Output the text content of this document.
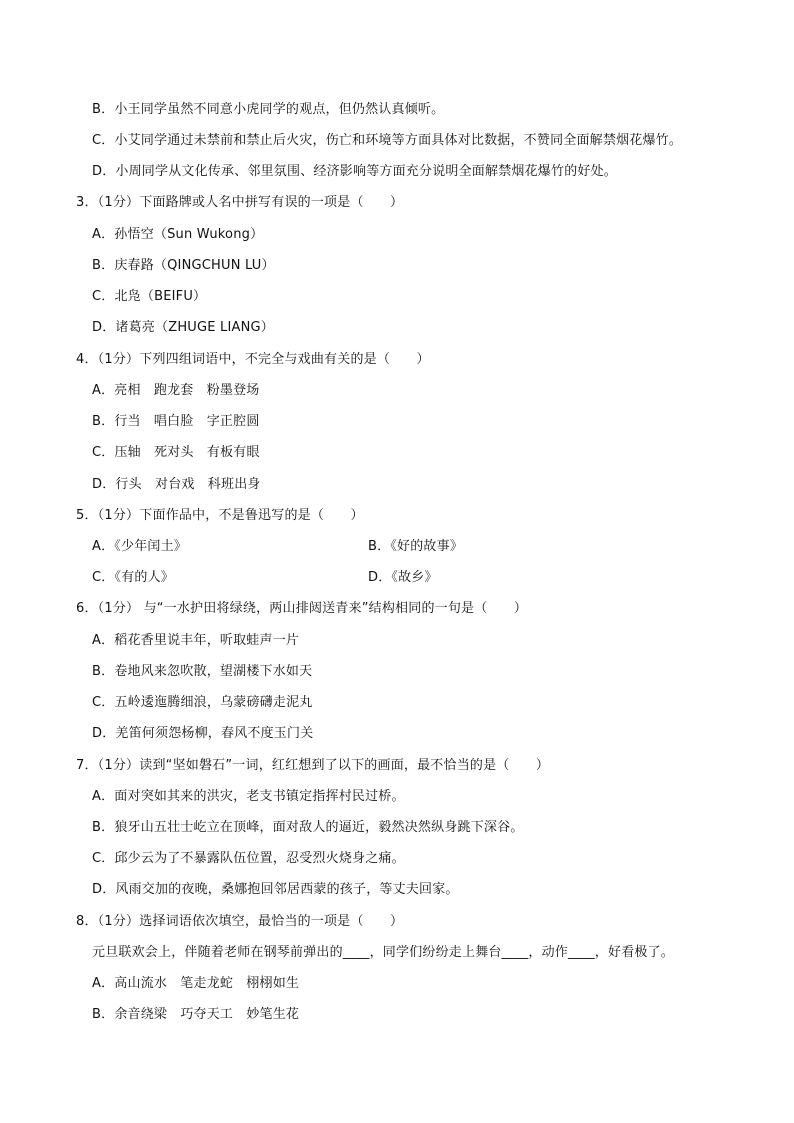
B．小王同学虽然不同意小虎同学的观点，但仍然认真倾听。
C．小艾同学通过未禁前和禁止后火灾，伤亡和环境等方面具体对比数据，不赞同全面解禁烟花爆竹。
D．小周同学从文化传承、邻里氛围、经济影响等方面充分说明全面解禁烟花爆竹的好处。
3．（1分）下面路牌或人名中拼写有误的一项是（　　）
A．孙悟空（Sun Wukong）
B．庆春路（QINGCHUN LU）
C．北凫（BEIFU）
D．诸葛亮（ZHUGE LIANG）
4．（1分）下列四组词语中，不完全与戏曲有关的是（　　）
A．亮相　跑龙套　粉墨登场
B．行当　唱白脸　字正腔圆
C．压轴　死对头　有板有眼
D．行头　对台戏　科班出身
5．（1分）下面作品中，不是鲁迅写的是（　　）
A．《少年闰土》	B．《好的故事》
C．《有的人》	D．《故乡》
6．（1分） 与“一水护田将绿绕，两山排闼送青来”结构相同的一句是（　　）
A．稻花香里说丰年，听取蛙声一片
B．卷地风来忽吹散，望湖楼下水如天
C．五岭逶迤腾细浪，乌蒙磅礴走泥丸
D．羌笛何须怨杨柳，春风不度玉门关
7．（1分）读到“坚如磐石”一词，红红想到了以下的画面，最不恰当的是（　　）
A．面对突如其来的洪灾，老支书镇定指挥村民过桥。
B．狼牙山五壮士屹立在顶峰，面对敌人的逼近，毅然决然纵身跳下深谷。
C．邱少云为了不暴露队伍位置，忍受烈火烧身之痛。
D．风雨交加的夜晚，桑娜抱回邻居西蒙的孩子，等丈夫回家。
8．（1分）选择词语依次填空，最恰当的一项是（　　）
元旦联欢会上，伴随着老师在钢琴前弹出的____，同学们纷纷走上舞台____，动作____，好看极了。
A．高山流水　笔走龙蛇　栩栩如生
B．余音绕梁　巧夺天工　妙笔生花
